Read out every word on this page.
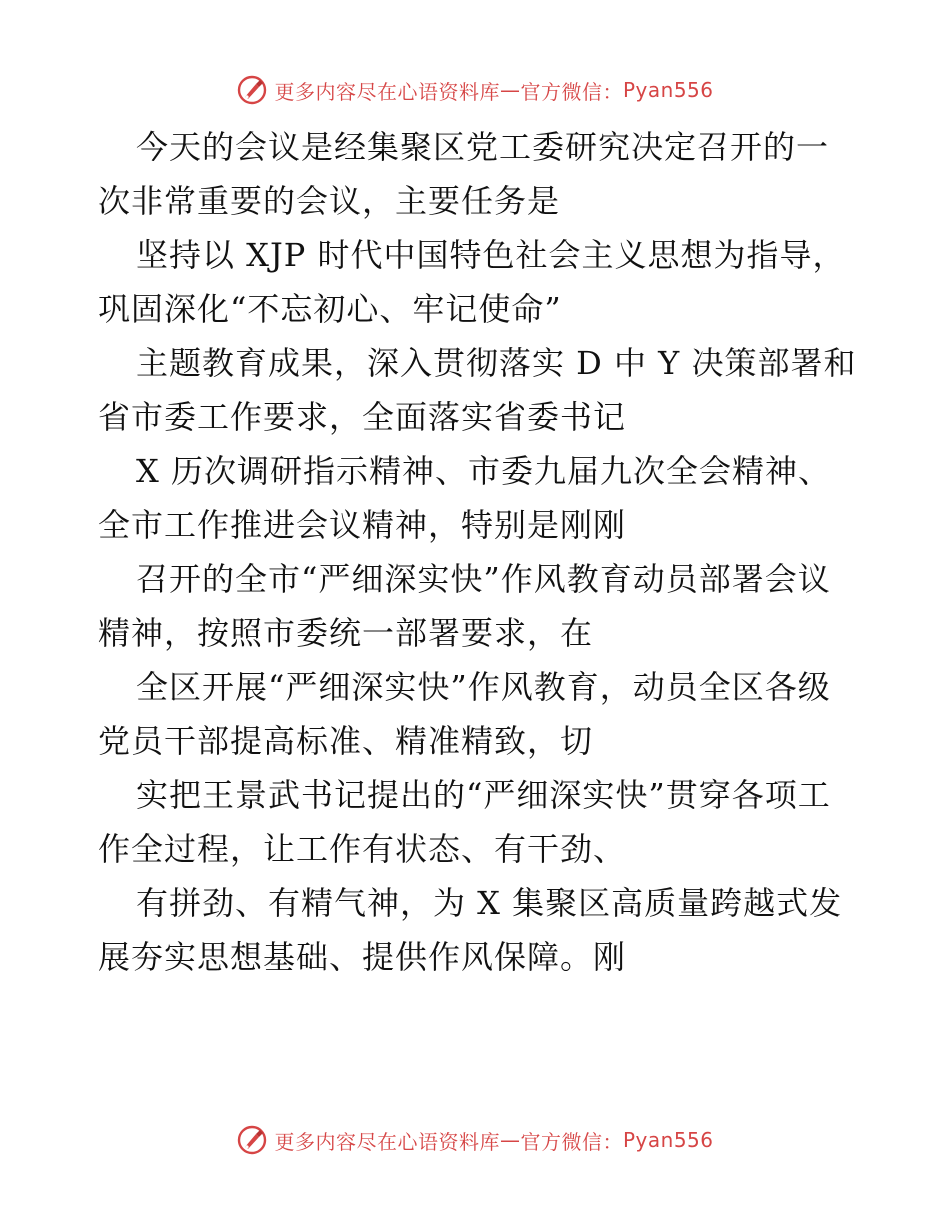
更多内容尽在心语资料库 — 官方微信： Pyan556

今天的会议是经集聚区党工委研究决定召开的一次非常重要的会议，主要任务是

坚持以 XJP 时代中国特色社会主义思想为指导，巩固深化“不忘初心、牢记使命”

主题教育成果，深入贯彻落实 D 中 Y 决策部署和省市委工作要求，全面落实省委书记

X 历次调研指示精神、市委九届九次全会精神、全市工作推进会议精神，特别是刚刚

召开的全市“严细深实快”作风教育动员部署会议精神，按照市委统一部署要求，在

全区开展“严细深实快”作风教育，动员全区各级党员干部提高标准、精准精致，切

实把王景武书记提出的“严细深实快”贯穿各项工作全过程，让工作有状态、有干劲、

有拼劲、有精气神，为 X 集聚区高质量跨越式发展夯实思想基础、提供作风保障。刚

更多内容尽在心语资料库 — 官方微信： Pyan556
